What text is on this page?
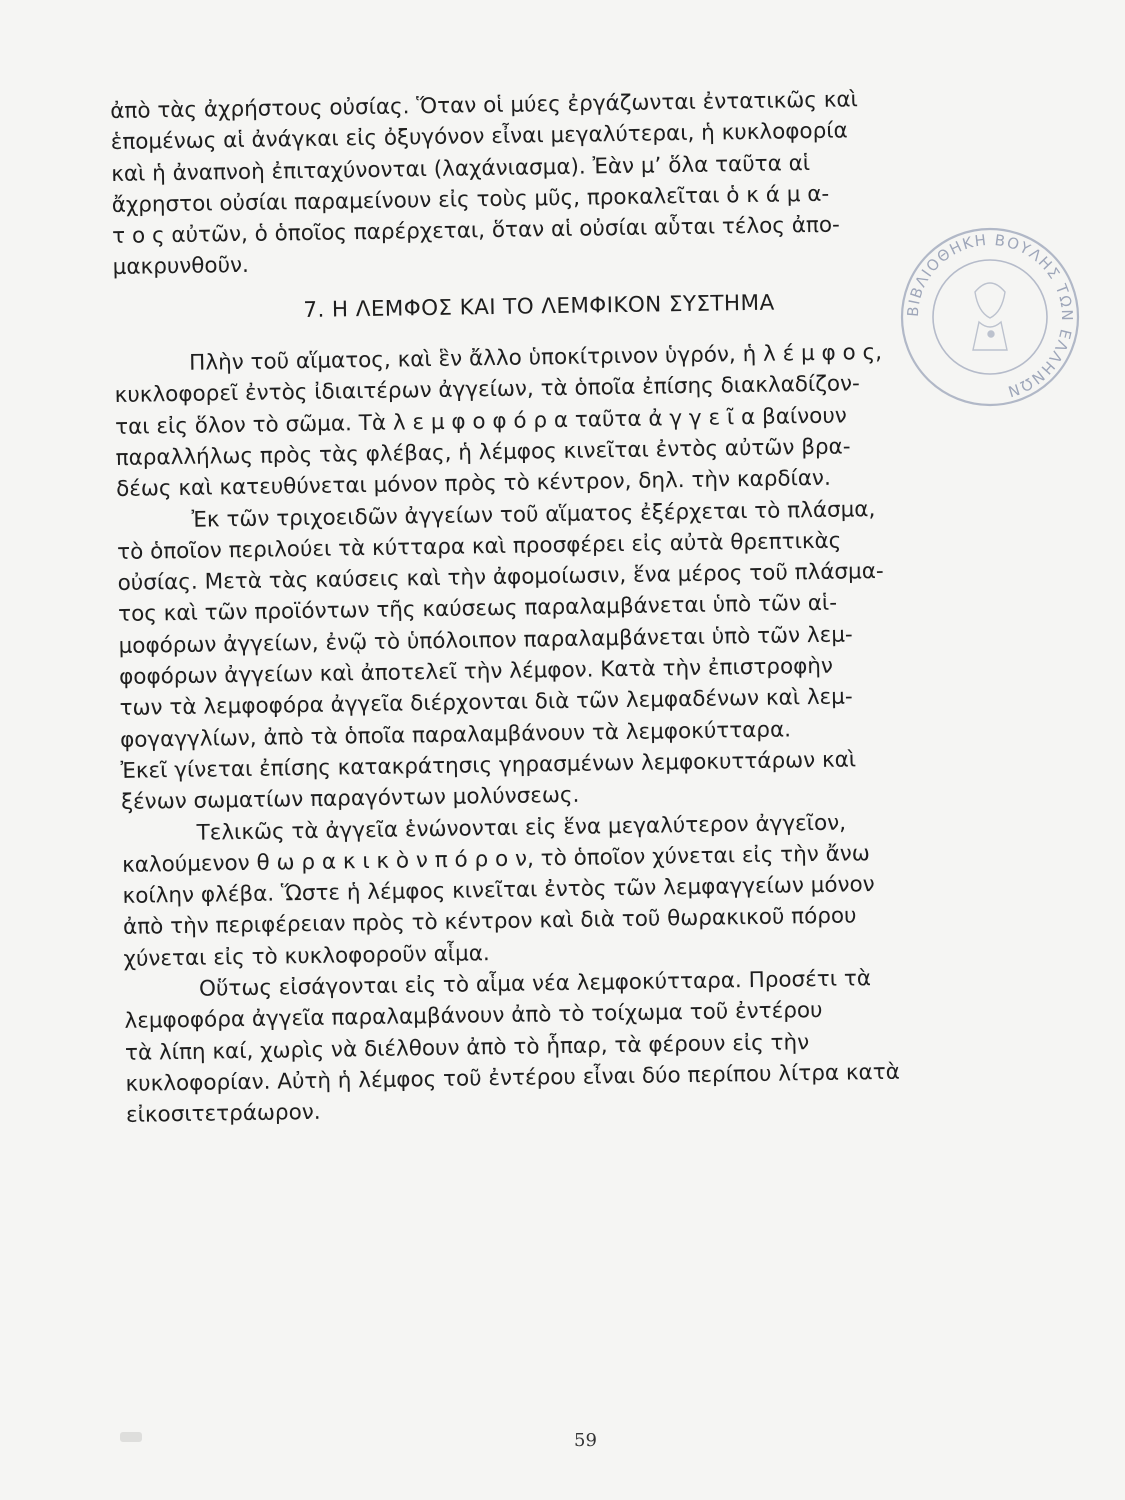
ἀπὸ τὰς ἀχρήστους οὐσίας. Ὅταν οἱ μύες ἐργάζωνται ἐντατικῶς καὶ
ἑπομένως αἱ ἀνάγκαι εἰς ὀξυγόνον εἶναι μεγαλύτεραι, ἡ κυκλοφορία
καὶ ἡ ἀναπνοὴ ἐπιταχύνονται (λαχάνιασμα). Ἐὰν μ’ ὅλα ταῦτα αἱ
ἄχρηστοι οὐσίαι παραμείνουν εἰς τοὺς μῦς, προκαλεῖται ὁ κ ά μ α-
τ ο ς αὐτῶν, ὁ ὁποῖος παρέρχεται, ὅταν αἱ οὐσίαι αὗται τέλος ἀπο-
μακρυνθοῦν.
7. Η ΛΕΜΦΟΣ ΚΑΙ ΤΟ ΛΕΜΦΙΚΟΝ ΣΥΣΤΗΜΑ
Πλὴν τοῦ αἵματος, καὶ ἓν ἄλλο ὑποκίτρινον ὑγρόν, ἡ λ έ μ φ ο ς,
κυκλοφορεῖ ἐντὸς ἰδιαιτέρων ἀγγείων, τὰ ὁποῖα ἐπίσης διακλαδίζον-
ται εἰς ὅλον τὸ σῶμα. Τὰ λ ε μ φ ο φ ό ρ α ταῦτα ἀ γ γ ε ῖ α βαίνουν
παραλλήλως πρὸς τὰς φλέβας, ἡ λέμφος κινεῖται ἐντὸς αὐτῶν βρα-
δέως καὶ κατευθύνεται μόνον πρὸς τὸ κέντρον, δηλ. τὴν καρδίαν.
Ἐκ τῶν τριχοειδῶν ἀγγείων τοῦ αἵματος ἐξέρχεται τὸ πλάσμα,
τὸ ὁποῖον περιλούει τὰ κύτταρα καὶ προσφέρει εἰς αὐτὰ θρεπτικὰς
οὐσίας. Μετὰ τὰς καύσεις καὶ τὴν ἀφομοίωσιν, ἕνα μέρος τοῦ πλάσμα-
τος καὶ τῶν προϊόντων τῆς καύσεως παραλαμβάνεται ὑπὸ τῶν αἱ-
μοφόρων ἀγγείων, ἐνῷ τὸ ὑπόλοιπον παραλαμβάνεται ὑπὸ τῶν λεμ-
φοφόρων ἀγγείων καὶ ἀποτελεῖ τὴν λέμφον. Κατὰ τὴν ἐπιστροφὴν
των τὰ λεμφοφόρα ἀγγεῖα διέρχονται διὰ τῶν λεμφαδένων καὶ λεμ-
φογαγγλίων, ἀπὸ τὰ ὁποῖα παραλαμβάνουν τὰ λεμφοκύτταρα.
Ἐκεῖ γίνεται ἐπίσης κατακράτησις γηρασμένων λεμφοκυττάρων καὶ
ξένων σωματίων παραγόντων μολύνσεως.
Τελικῶς τὰ ἀγγεῖα ἑνώνονται εἰς ἕνα μεγαλύτερον ἀγγεῖον,
καλούμενον θ ω ρ α κ ι κ ὸ ν π ό ρ ο ν, τὸ ὁποῖον χύνεται εἰς τὴν ἄνω
κοίλην φλέβα. Ὥστε ἡ λέμφος κινεῖται ἐντὸς τῶν λεμφαγγείων μόνον
ἀπὸ τὴν περιφέρειαν πρὸς τὸ κέντρον καὶ διὰ τοῦ θωρακικοῦ πόρου
χύνεται εἰς τὸ κυκλοφοροῦν αἷμα.
Οὕτως εἰσάγονται εἰς τὸ αἷμα νέα λεμφοκύτταρα. Προσέτι τὰ
λεμφοφόρα ἀγγεῖα παραλαμβάνουν ἀπὸ τὸ τοίχωμα τοῦ ἐντέρου
τὰ λίπη καί, χωρὶς νὰ διέλθουν ἀπὸ τὸ ἧπαρ, τὰ φέρουν εἰς τὴν
κυκλοφορίαν. Αὐτὴ ἡ λέμφος τοῦ ἐντέρου εἶναι δύο περίπου λίτρα κατὰ
εἰκοσιτετράωρον.
ΒΙΒΛΙΟΘΗΚΗ ΒΟΥΛΗΣ ΤΩΝ ΕΛΛΗΝΩΝ
59
